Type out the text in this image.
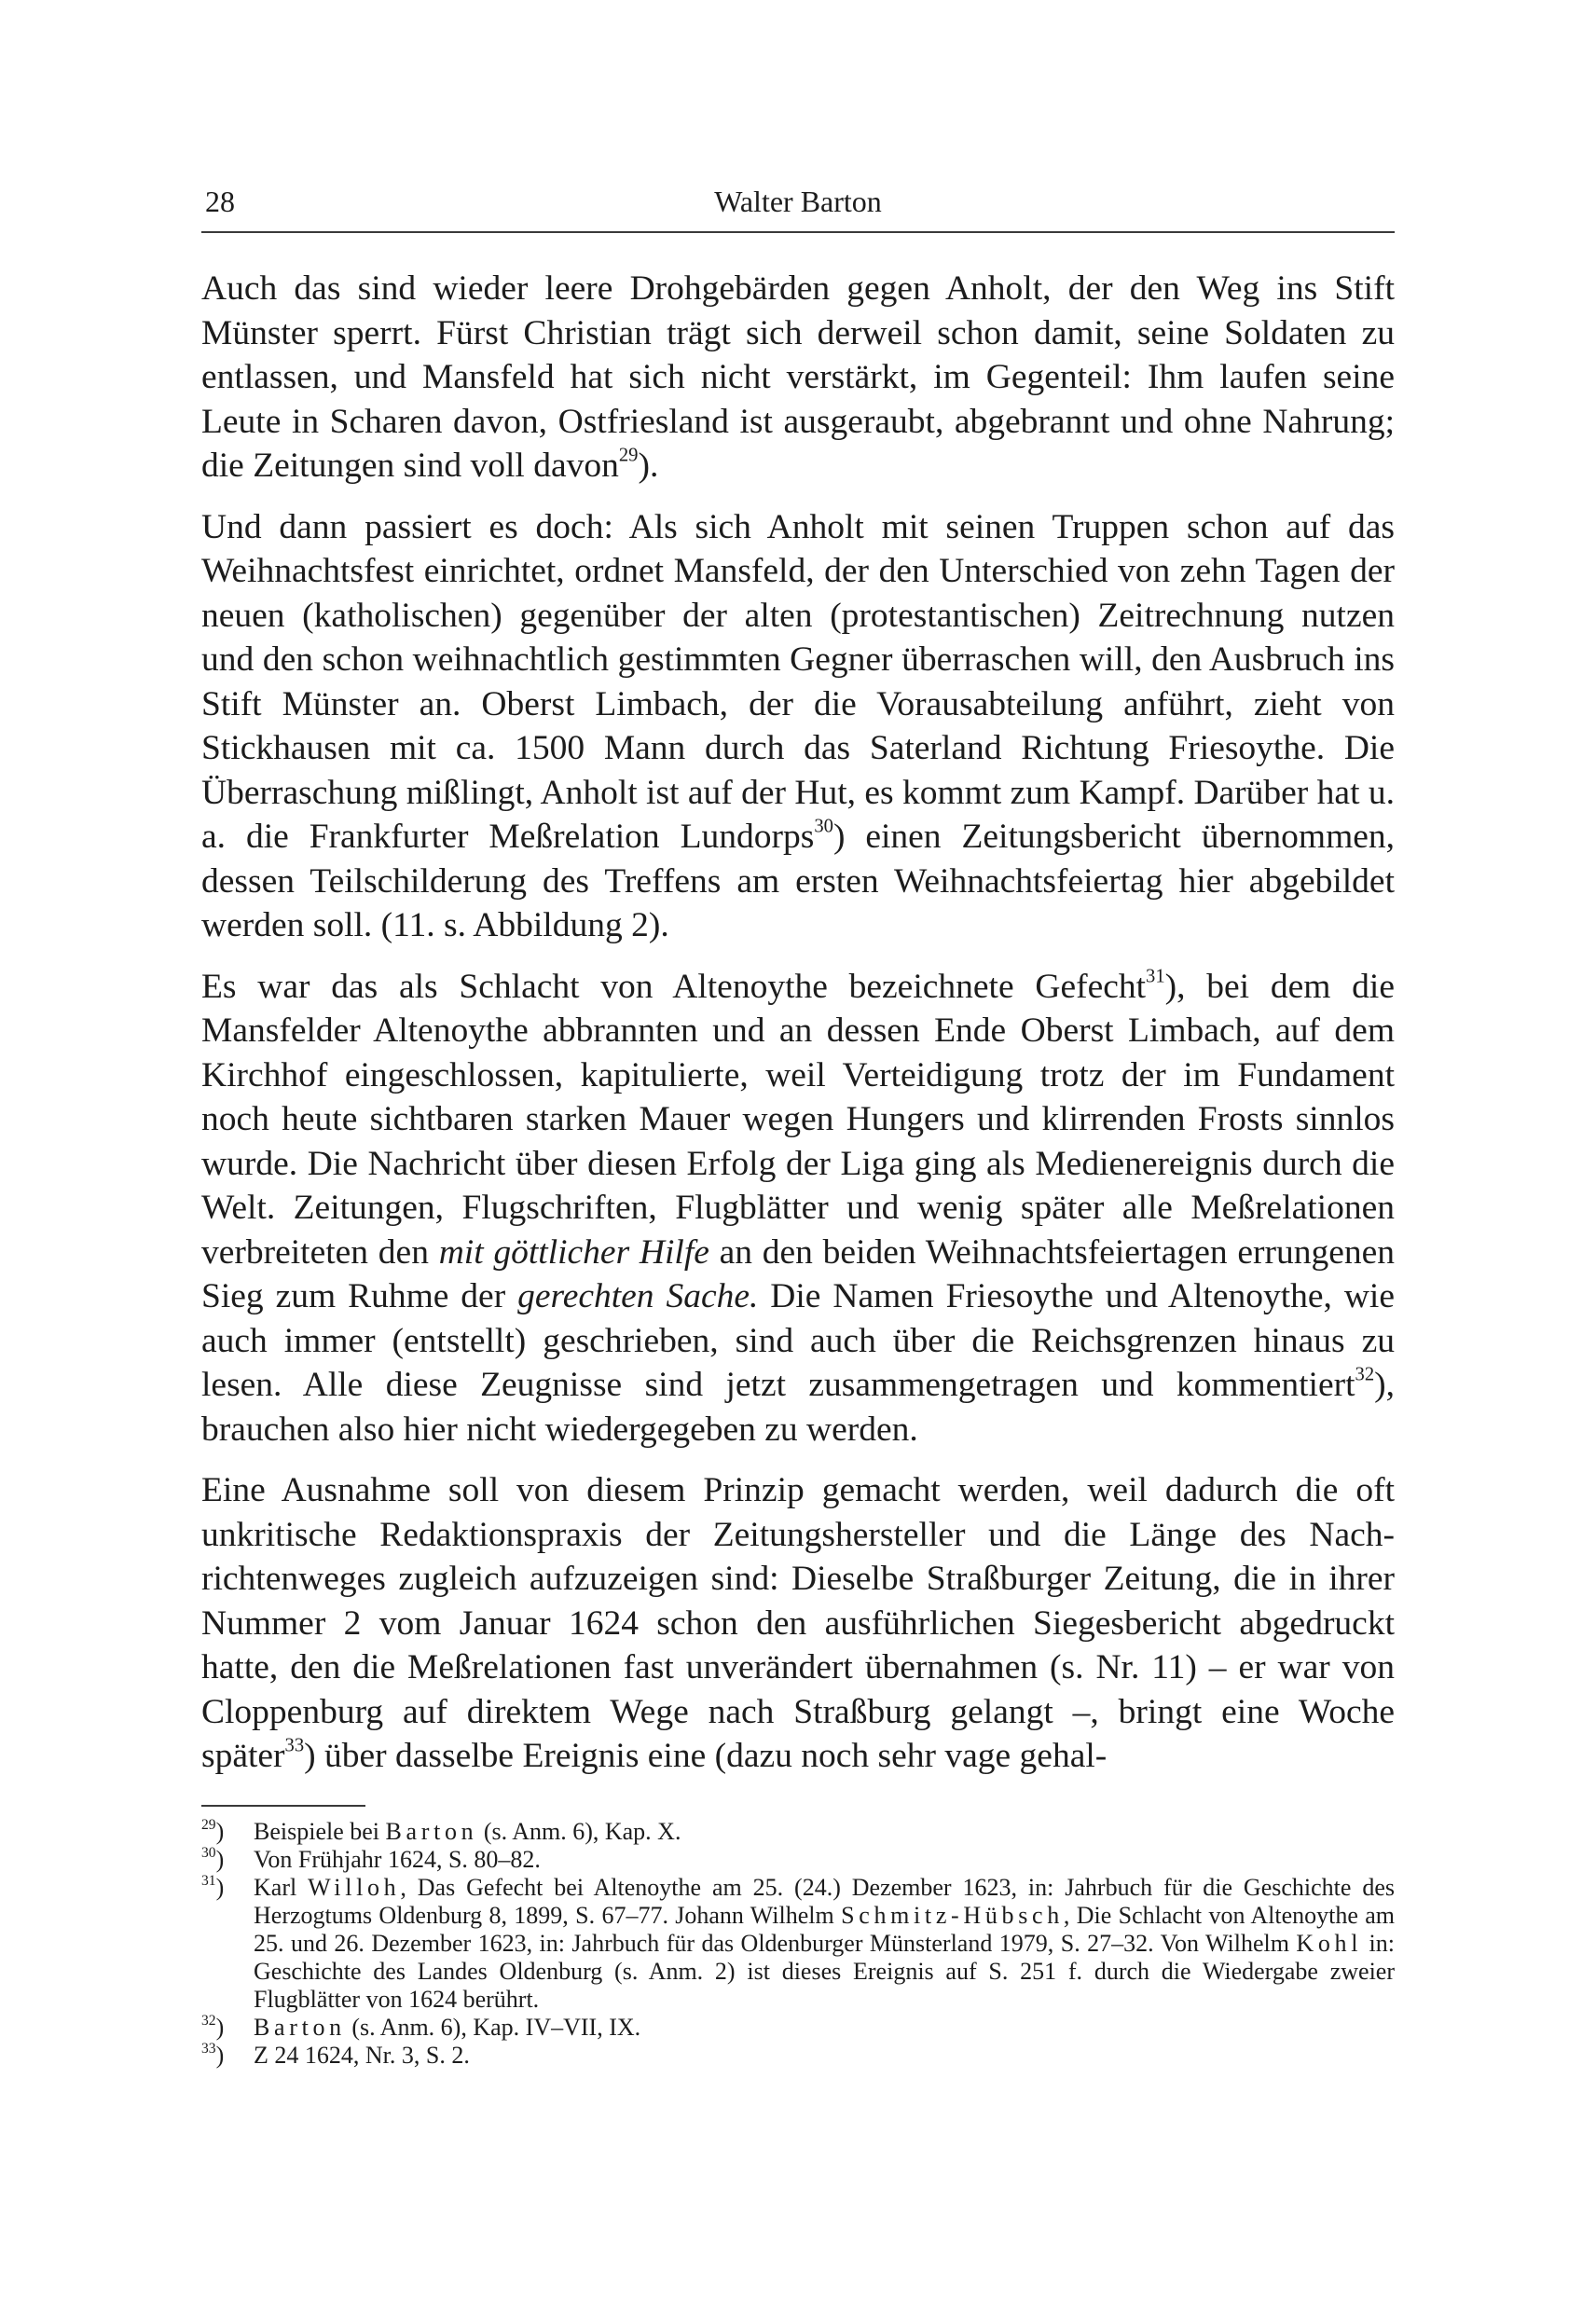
28	Walter Barton

Auch das sind wieder leere Drohgebärden gegen Anholt, der den Weg ins Stift Münster sperrt. Fürst Christian trägt sich derweil schon damit, seine Soldaten zu entlassen, und Mansfeld hat sich nicht verstärkt, im Gegenteil: Ihm laufen seine Leute in Scharen davon, Ostfriesland ist ausgeraubt, abgebrannt und ohne Nahrung; die Zeitungen sind voll davon$^{29}$).

Und dann passiert es doch: Als sich Anholt mit seinen Truppen schon auf das Weihnachtsfest einrichtet, ordnet Mansfeld, der den Unterschied von zehn Tagen der neuen (katholischen) gegenüber der alten (protestantischen) Zeitrechnung nutzen und den schon weihnachtlich gestimmten Gegner überraschen will, den Ausbruch ins Stift Münster an. Oberst Limbach, der die Vorausabteilung anführt, zieht von Stickhausen mit ca. 1500 Mann durch das Saterland Richtung Friesoythe. Die Überraschung mißlingt, Anholt ist auf der Hut, es kommt zum Kampf. Darüber hat u. a. die Frankfurter Meßrelation Lundorps$^{30}$) einen Zeitungsbericht übernommen, dessen Teilschilderung des Treffens am ersten Weihnachtsfeiertag hier abgebildet werden soll. (11. s. Abbildung 2).

Es war das als Schlacht von Altenoythe bezeichnete Gefecht$^{31}$), bei dem die Mansfelder Altenoythe abbrannten und an dessen Ende Oberst Limbach, auf dem Kirchhof eingeschlossen, kapitulierte, weil Verteidigung trotz der im Fundament noch heute sichtbaren starken Mauer wegen Hungers und klirrenden Frosts sinnlos wurde. Die Nachricht über diesen Erfolg der Liga ging als Medienereignis durch die Welt. Zeitungen, Flugschriften, Flugblätter und wenig später alle Meßrelationen verbreiteten den mit göttlicher Hilfe an den beiden Weihnachtsfeiertagen errungenen Sieg zum Ruhme der gerechten Sache. Die Namen Friesoythe und Altenoythe, wie auch immer (entstellt) geschrieben, sind auch über die Reichsgrenzen hinaus zu lesen. Alle diese Zeugnisse sind jetzt zusammengetragen und kommentiert$^{32}$), brauchen also hier nicht wiedergegeben zu werden.

Eine Ausnahme soll von diesem Prinzip gemacht werden, weil dadurch die oft unkritische Redaktionspraxis der Zeitungshersteller und die Länge des Nachrichtenweges zugleich aufzuzeigen sind: Dieselbe Straßburger Zeitung, die in ihrer Nummer 2 vom Januar 1624 schon den ausführlichen Siegesbericht abgedruckt hatte, den die Meßrelationen fast unverändert übernahmen (s. Nr. 11) – er war von Cloppenburg auf direktem Wege nach Straßburg gelangt –, bringt eine Woche später$^{33}$) über dasselbe Ereignis eine (dazu noch sehr vage gehal-

$^{29}$) Beispiele bei Barton (s. Anm. 6), Kap. X.
$^{30}$) Von Frühjahr 1624, S. 80–82.
$^{31}$) Karl Willoh, Das Gefecht bei Altenoythe am 25. (24.) Dezember 1623, in: Jahrbuch für die Geschichte des Herzogtums Oldenburg 8, 1899, S. 67–77. Johann Wilhelm Schmitz-Hübsch, Die Schlacht von Altenoythe am 25. und 26. Dezember 1623, in: Jahrbuch für das Oldenburger Münsterland 1979, S. 27–32. Von Wilhelm Kohl in: Geschichte des Landes Oldenburg (s. Anm. 2) ist dieses Ereignis auf S. 251 f. durch die Wiedergabe zweier Flugblätter von 1624 berührt.
$^{32}$) Barton (s. Anm. 6), Kap. IV–VII, IX.
$^{33}$) Z 24 1624, Nr. 3, S. 2.
